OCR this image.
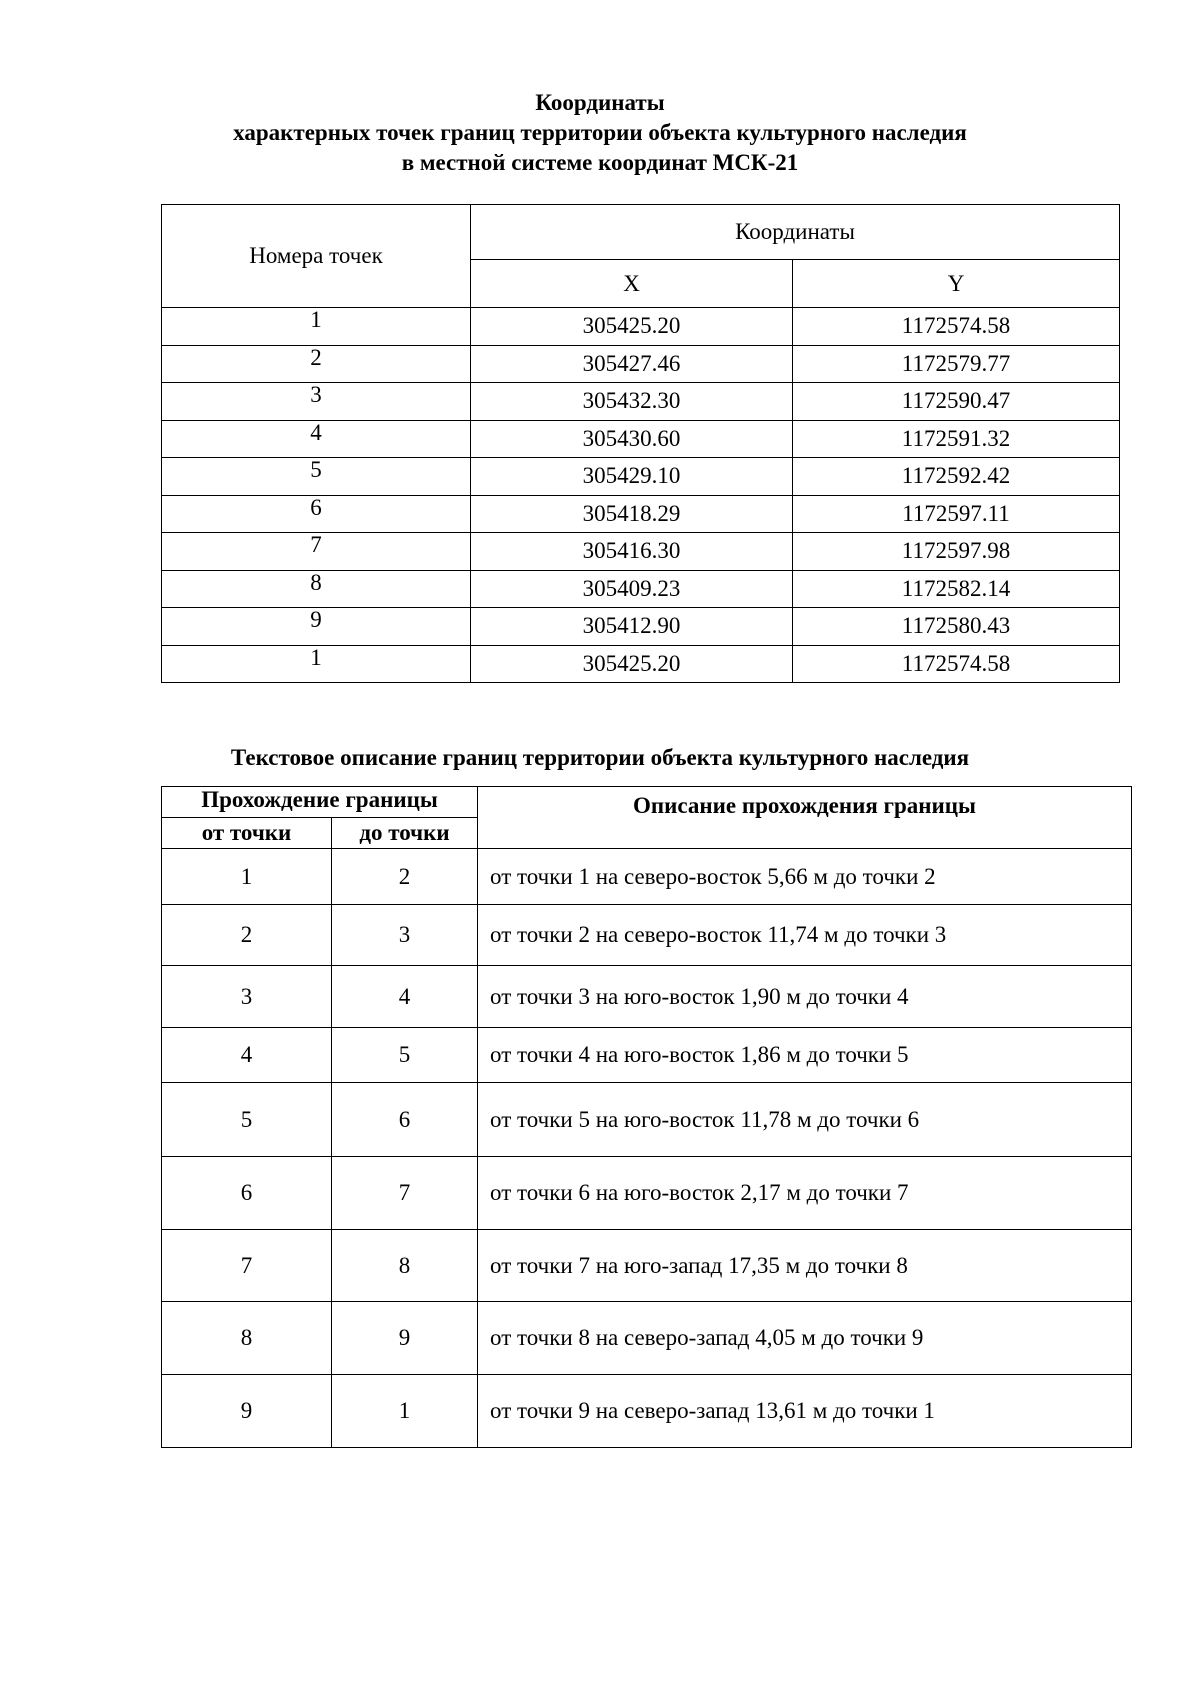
Координаты
характерных точек границ территории объекта культурного наследия
в местной системе координат МСК-21
Номера точек	Координаты	
	X	Y
1	305425.20	1172574.58
2	305427.46	1172579.77
3	305432.30	1172590.47
4	305430.60	1172591.32
5	305429.10	1172592.42
6	305418.29	1172597.11
7	305416.30	1172597.98
8	305409.23	1172582.14
9	305412.90	1172580.43
1	305425.20	1172574.58
Текстовое описание границ территории объекта культурного наследия
Прохождение границы		Описание прохождения границы
от точки	до точки	
1	2	от точки 1 на северо-восток 5,66 м до точки 2
2	3	от точки 2 на северо-восток 11,74 м до точки 3
3	4	от точки 3 на юго-восток 1,90 м до точки 4
4	5	от точки 4 на юго-восток 1,86 м до точки 5
5	6	от точки 5 на юго-восток 11,78 м до точки 6
6	7	от точки 6 на юго-восток 2,17 м до точки 7
7	8	от точки 7 на юго-запад 17,35 м до точки 8
8	9	от точки 8 на северо-запад 4,05 м до точки 9
9	1	от точки 9 на северо-запад 13,61 м до точки 1
